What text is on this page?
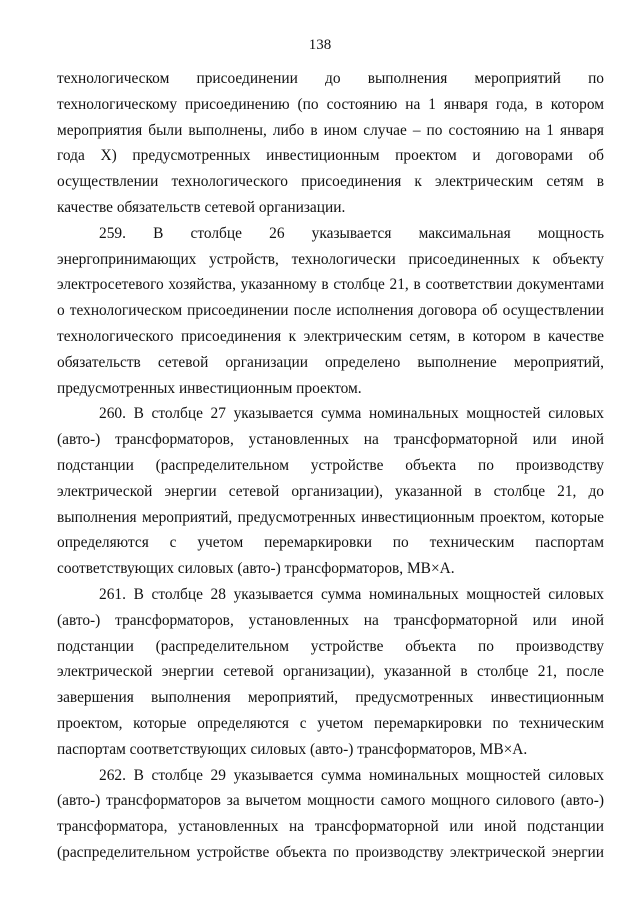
138

технологическом присоединении до выполнения мероприятий по технологическому присоединению (по состоянию на 1 января года, в котором мероприятия были выполнены, либо в ином случае – по состоянию на 1 января года X) предусмотренных инвестиционным проектом и договорами об осуществлении технологического присоединения к электрическим сетям в качестве обязательств сетевой организации.

259. В столбце 26 указывается максимальная мощность энергопринимающих устройств, технологически присоединенных к объекту электросетевого хозяйства, указанному в столбце 21, в соответствии документами о технологическом присоединении после исполнения договора об осуществлении технологического присоединения к электрическим сетям, в котором в качестве обязательств сетевой организации определено выполнение мероприятий, предусмотренных инвестиционным проектом.

260. В столбце 27 указывается сумма номинальных мощностей силовых (авто-) трансформаторов, установленных на трансформаторной или иной подстанции (распределительном устройстве объекта по производству электрической энергии сетевой организации), указанной в столбце 21, до выполнения мероприятий, предусмотренных инвестиционным проектом, которые определяются с учетом перемаркировки по техническим паспортам соответствующих силовых (авто-) трансформаторов, МВ×А.

261. В столбце 28 указывается сумма номинальных мощностей силовых (авто-) трансформаторов, установленных на трансформаторной или иной подстанции (распределительном устройстве объекта по производству электрической энергии сетевой организации), указанной в столбце 21, после завершения выполнения мероприятий, предусмотренных инвестиционным проектом, которые определяются с учетом перемаркировки по техническим паспортам соответствующих силовых (авто-) трансформаторов, МВ×А.

262. В столбце 29 указывается сумма номинальных мощностей силовых (авто-) трансформаторов за вычетом мощности самого мощного силового (авто-) трансформатора, установленных на трансформаторной или иной подстанции (распределительном устройстве объекта по производству электрической энергии
